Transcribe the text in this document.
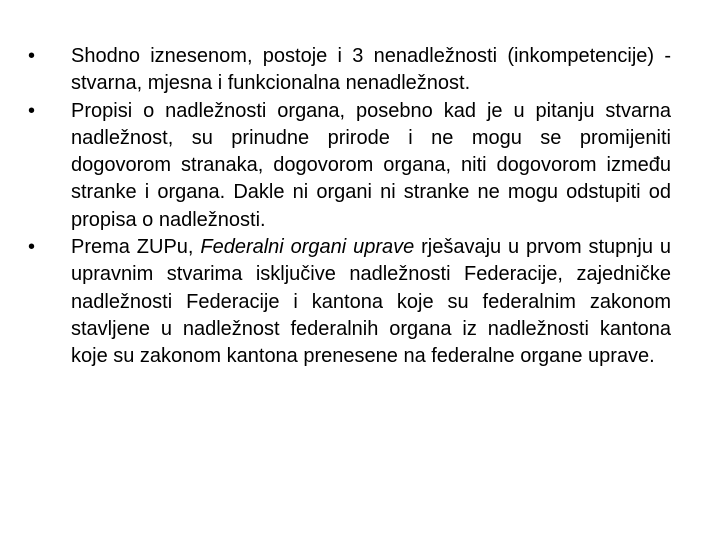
•	Shodno iznesenom, postoje i 3 nenadležnosti (inkompetencije) - stvarna, mjesna i funkcionalna nenadležnost.
•	Propisi o nadležnosti organa, posebno kad je u pitanju stvarna nadležnost, su prinudne prirode i ne mogu se promijeniti dogovorom stranaka, dogovorom organa, niti dogovorom između stranke i organa. Dakle ni organi ni stranke ne mogu odstupiti od propisa o nadležnosti.
•	Prema ZUPu, Federalni organi uprave rješavaju u prvom stupnju u upravnim stvarima isključive nadležnosti Federacije, zajedničke nadležnosti Federacije i kantona koje su federalnim zakonom stavljene u nadležnost federalnih organa iz nadležnosti kantona koje su zakonom kantona prenesene na federalne organe uprave.
